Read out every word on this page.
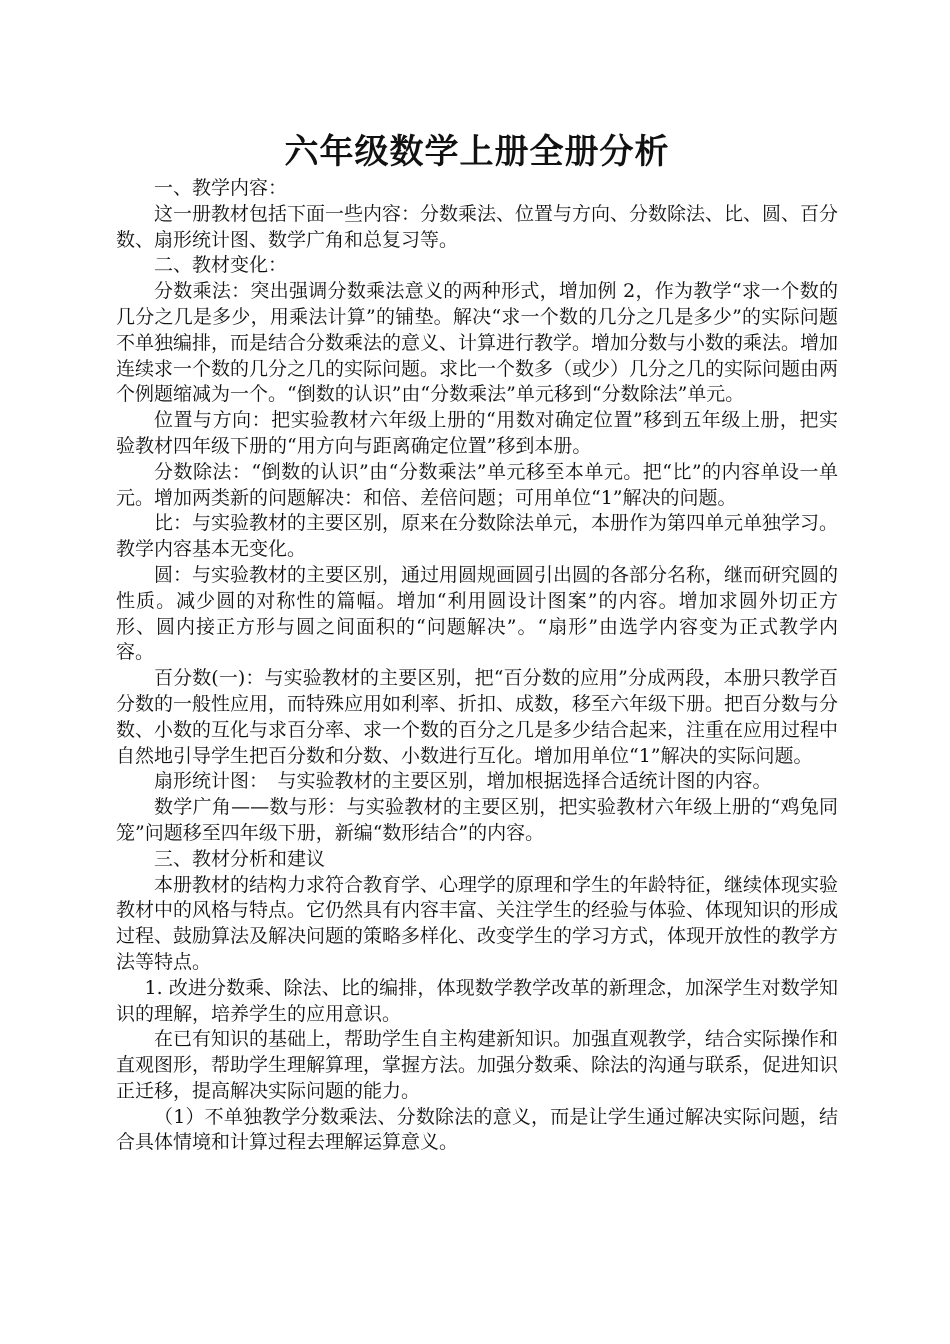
六年级数学上册全册分析

一、教学内容：

这一册教材包括下面一些内容：分数乘法、位置与方向、分数除法、比、圆、百分数、扇形统计图、数学广角和总复习等。

二、教材变化：

分数乘法：突出强调分数乘法意义的两种形式，增加例 2，作为教学“求一个数的几分之几是多少，用乘法计算”的铺垫。解决“求一个数的几分之几是多少”的实际问题不单独编排，而是结合分数乘法的意义、计算进行教学。增加分数与小数的乘法。增加连续求一个数的几分之几的实际问题。求比一个数多（或少）几分之几的实际问题由两个例题缩减为一个。“倒数的认识”由“分数乘法”单元移到“分数除法”单元。

位置与方向：把实验教材六年级上册的“用数对确定位置”移到五年级上册，把实验教材四年级下册的“用方向与距离确定位置”移到本册。

分数除法：“倒数的认识”由“分数乘法”单元移至本单元。把“比”的内容单设一单元。增加两类新的问题解决：和倍、差倍问题；可用单位“1”解决的问题。

比：与实验教材的主要区别，原来在分数除法单元，本册作为第四单元单独学习。教学内容基本无变化。

圆：与实验教材的主要区别，通过用圆规画圆引出圆的各部分名称，继而研究圆的性质。减少圆的对称性的篇幅。增加“利用圆设计图案”的内容。增加求圆外切正方形、圆内接正方形与圆之间面积的“问题解决”。“扇形”由选学内容变为正式教学内容。

百分数(一)：与实验教材的主要区别，把“百分数的应用”分成两段，本册只教学百分数的一般性应用，而特殊应用如利率、折扣、成数，移至六年级下册。把百分数与分数、小数的互化与求百分率、求一个数的百分之几是多少结合起来，注重在应用过程中自然地引导学生把百分数和分数、小数进行互化。增加用单位“1”解决的实际问题。

扇形统计图：　与实验教材的主要区别，增加根据选择合适统计图的内容。

数学广角——数与形：与实验教材的主要区别，把实验教材六年级上册的“鸡兔同笼”问题移至四年级下册，新编“数形结合”的内容。

三、教材分析和建议

本册教材的结构力求符合教育学、心理学的原理和学生的年龄特征，继续体现实验教材中的风格与特点。它仍然具有内容丰富、关注学生的经验与体验、体现知识的形成过程、鼓励算法及解决问题的策略多样化、改变学生的学习方式，体现开放性的教学方法等特点。

1. 改进分数乘、除法、比的编排，体现数学教学改革的新理念，加深学生对数学知识的理解，培养学生的应用意识。

在已有知识的基础上，帮助学生自主构建新知识。加强直观教学，结合实际操作和直观图形，帮助学生理解算理，掌握方法。加强分数乘、除法的沟通与联系，促进知识正迁移，提高解决实际问题的能力。

（1）不单独教学分数乘法、分数除法的意义，而是让学生通过解决实际问题，结合具体情境和计算过程去理解运算意义。
